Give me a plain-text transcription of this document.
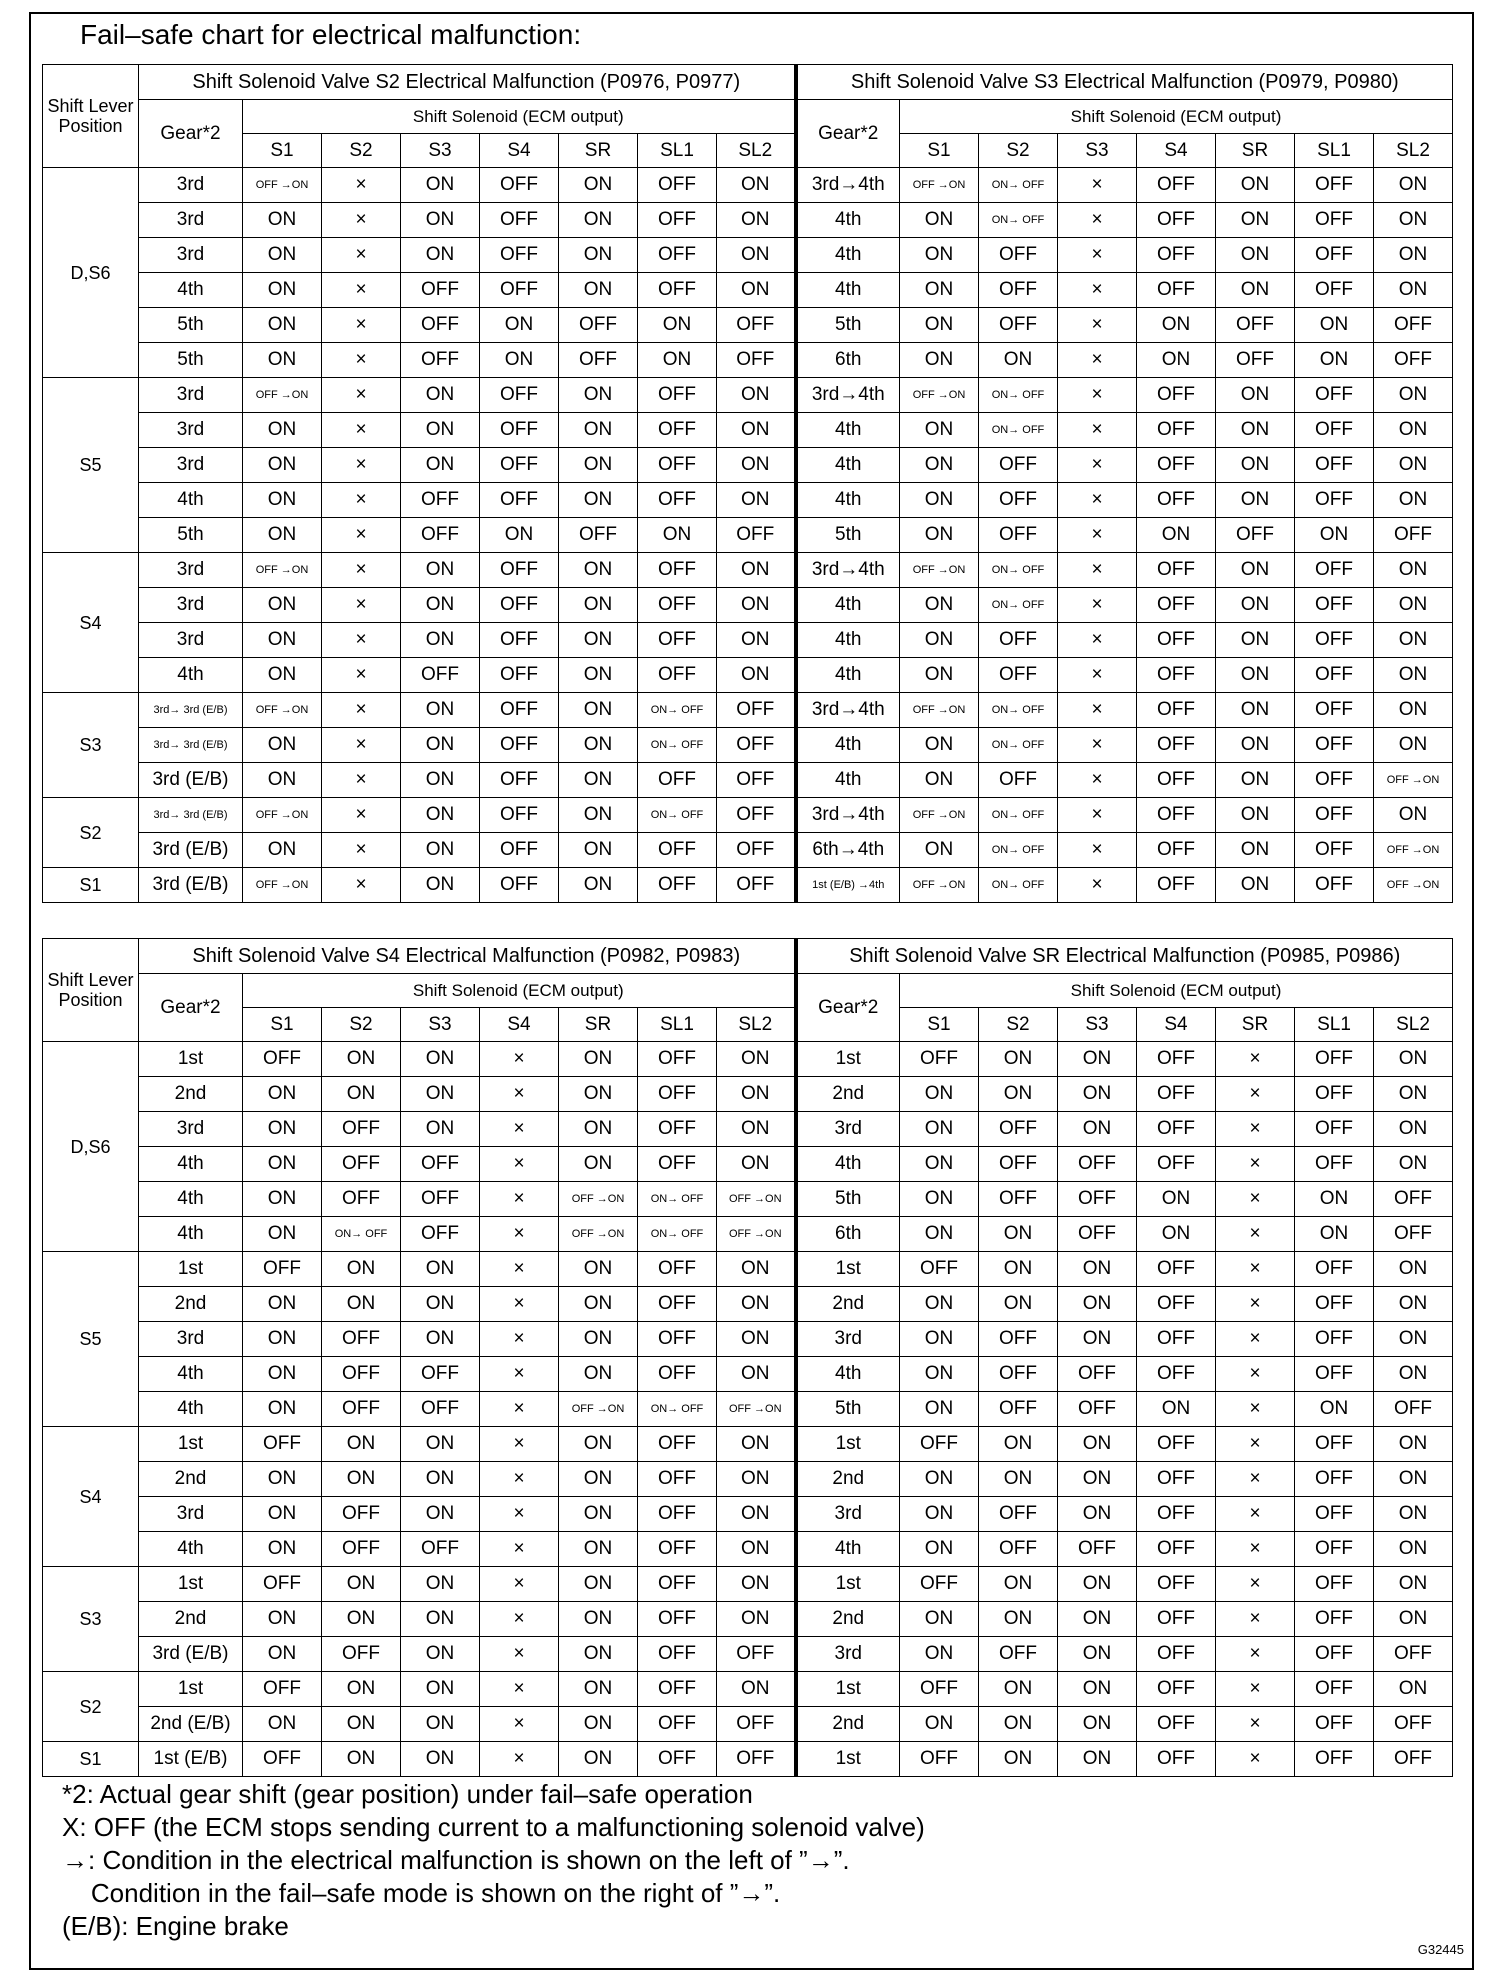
Fail–safe chart for electrical malfunction:
Shift Lever Position	Shift Solenoid Valve S2 Electrical Malfunction (P0976, P0977)								Shift Solenoid Valve S3 Electrical Malfunction (P0979, P0980)							
	Gear*2	Shift Solenoid (ECM output)							Gear*2	Shift Solenoid (ECM output)						
		S1	S2	S3	S4	SR	SL1	SL2		S1	S2	S3	S4	SR	SL1	SL2
D,S6	3rd	OFF →ON	×	ON	OFF	ON	OFF	ON	3rd→4th	OFF →ON	ON→ OFF	×	OFF	ON	OFF	ON
	3rd	ON	×	ON	OFF	ON	OFF	ON	4th	ON	ON→ OFF	×	OFF	ON	OFF	ON
	3rd	ON	×	ON	OFF	ON	OFF	ON	4th	ON	OFF	×	OFF	ON	OFF	ON
	4th	ON	×	OFF	OFF	ON	OFF	ON	4th	ON	OFF	×	OFF	ON	OFF	ON
	5th	ON	×	OFF	ON	OFF	ON	OFF	5th	ON	OFF	×	ON	OFF	ON	OFF
	5th	ON	×	OFF	ON	OFF	ON	OFF	6th	ON	ON	×	ON	OFF	ON	OFF
S5	3rd	OFF →ON	×	ON	OFF	ON	OFF	ON	3rd→4th	OFF →ON	ON→ OFF	×	OFF	ON	OFF	ON
	3rd	ON	×	ON	OFF	ON	OFF	ON	4th	ON	ON→ OFF	×	OFF	ON	OFF	ON
	3rd	ON	×	ON	OFF	ON	OFF	ON	4th	ON	OFF	×	OFF	ON	OFF	ON
	4th	ON	×	OFF	OFF	ON	OFF	ON	4th	ON	OFF	×	OFF	ON	OFF	ON
	5th	ON	×	OFF	ON	OFF	ON	OFF	5th	ON	OFF	×	ON	OFF	ON	OFF
S4	3rd	OFF →ON	×	ON	OFF	ON	OFF	ON	3rd→4th	OFF →ON	ON→ OFF	×	OFF	ON	OFF	ON
	3rd	ON	×	ON	OFF	ON	OFF	ON	4th	ON	ON→ OFF	×	OFF	ON	OFF	ON
	3rd	ON	×	ON	OFF	ON	OFF	ON	4th	ON	OFF	×	OFF	ON	OFF	ON
	4th	ON	×	OFF	OFF	ON	OFF	ON	4th	ON	OFF	×	OFF	ON	OFF	ON
S3	3rd→ 3rd (E/B)	OFF →ON	×	ON	OFF	ON	ON→ OFF	OFF	3rd→4th	OFF →ON	ON→ OFF	×	OFF	ON	OFF	ON
	3rd→ 3rd (E/B)	ON	×	ON	OFF	ON	ON→ OFF	OFF	4th	ON	ON→ OFF	×	OFF	ON	OFF	ON
	3rd (E/B)	ON	×	ON	OFF	ON	OFF	OFF	4th	ON	OFF	×	OFF	ON	OFF	OFF →ON
S2	3rd→ 3rd (E/B)	OFF →ON	×	ON	OFF	ON	ON→ OFF	OFF	3rd→4th	OFF →ON	ON→ OFF	×	OFF	ON	OFF	ON
	3rd (E/B)	ON	×	ON	OFF	ON	OFF	OFF	6th→4th	ON	ON→ OFF	×	OFF	ON	OFF	OFF →ON
S1	3rd (E/B)	OFF →ON	×	ON	OFF	ON	OFF	OFF	1st (E/B) →4th	OFF →ON	ON→ OFF	×	OFF	ON	OFF	OFF →ON
Shift Lever Position	Shift Solenoid Valve S4 Electrical Malfunction (P0982, P0983)								Shift Solenoid Valve SR Electrical Malfunction (P0985, P0986)							
	Gear*2	Shift Solenoid (ECM output)							Gear*2	Shift Solenoid (ECM output)						
		S1	S2	S3	S4	SR	SL1	SL2		S1	S2	S3	S4	SR	SL1	SL2
D,S6	1st	OFF	ON	ON	×	ON	OFF	ON	1st	OFF	ON	ON	OFF	×	OFF	ON
	2nd	ON	ON	ON	×	ON	OFF	ON	2nd	ON	ON	ON	OFF	×	OFF	ON
	3rd	ON	OFF	ON	×	ON	OFF	ON	3rd	ON	OFF	ON	OFF	×	OFF	ON
	4th	ON	OFF	OFF	×	ON	OFF	ON	4th	ON	OFF	OFF	OFF	×	OFF	ON
	4th	ON	OFF	OFF	×	OFF →ON	ON→ OFF	OFF →ON	5th	ON	OFF	OFF	ON	×	ON	OFF
	4th	ON	ON→ OFF	OFF	×	OFF →ON	ON→ OFF	OFF →ON	6th	ON	ON	OFF	ON	×	ON	OFF
S5	1st	OFF	ON	ON	×	ON	OFF	ON	1st	OFF	ON	ON	OFF	×	OFF	ON
	2nd	ON	ON	ON	×	ON	OFF	ON	2nd	ON	ON	ON	OFF	×	OFF	ON
	3rd	ON	OFF	ON	×	ON	OFF	ON	3rd	ON	OFF	ON	OFF	×	OFF	ON
	4th	ON	OFF	OFF	×	ON	OFF	ON	4th	ON	OFF	OFF	OFF	×	OFF	ON
	4th	ON	OFF	OFF	×	OFF →ON	ON→ OFF	OFF →ON	5th	ON	OFF	OFF	ON	×	ON	OFF
S4	1st	OFF	ON	ON	×	ON	OFF	ON	1st	OFF	ON	ON	OFF	×	OFF	ON
	2nd	ON	ON	ON	×	ON	OFF	ON	2nd	ON	ON	ON	OFF	×	OFF	ON
	3rd	ON	OFF	ON	×	ON	OFF	ON	3rd	ON	OFF	ON	OFF	×	OFF	ON
	4th	ON	OFF	OFF	×	ON	OFF	ON	4th	ON	OFF	OFF	OFF	×	OFF	ON
S3	1st	OFF	ON	ON	×	ON	OFF	ON	1st	OFF	ON	ON	OFF	×	OFF	ON
	2nd	ON	ON	ON	×	ON	OFF	ON	2nd	ON	ON	ON	OFF	×	OFF	ON
	3rd (E/B)	ON	OFF	ON	×	ON	OFF	OFF	3rd	ON	OFF	ON	OFF	×	OFF	OFF
S2	1st	OFF	ON	ON	×	ON	OFF	ON	1st	OFF	ON	ON	OFF	×	OFF	ON
	2nd (E/B)	ON	ON	ON	×	ON	OFF	OFF	2nd	ON	ON	ON	OFF	×	OFF	OFF
S1	1st (E/B)	OFF	ON	ON	×	ON	OFF	OFF	1st	OFF	ON	ON	OFF	×	OFF	OFF
*2: Actual gear shift (gear position) under fail–safe operation
X: OFF (the ECM stops sending current to a malfunctioning solenoid valve)
→: Condition in the electrical malfunction is shown on the left of ”→”.
Condition in the fail–safe mode is shown on the right of ”→”.
(E/B): Engine brake
G32445
